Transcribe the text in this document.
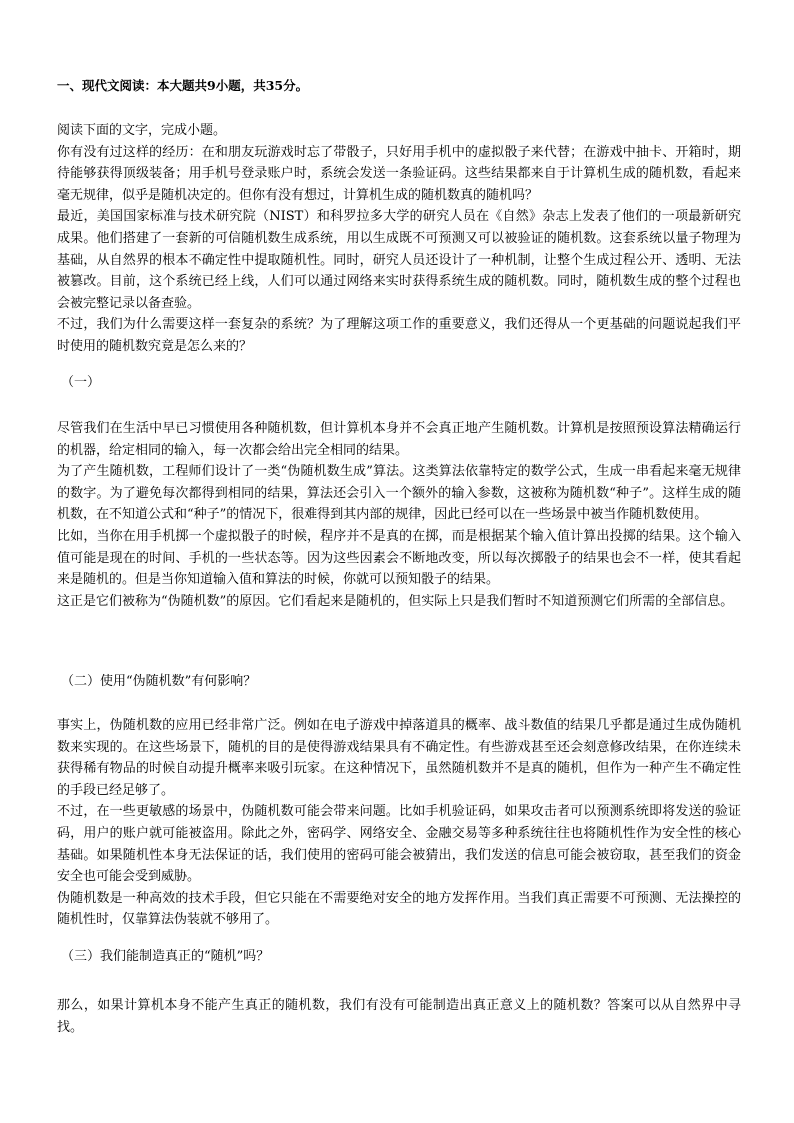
一、现代文阅读：本大题共9小题，共35分。

阅读下面的文字，完成小题。

你有没有过这样的经历：在和朋友玩游戏时忘了带骰子，只好用手机中的虚拟骰子来代替；在游戏中抽卡、开箱时，期待能够获得顶级装备；用手机号登录账户时，系统会发送一条验证码。这些结果都来自于计算机生成的随机数，看起来毫无规律，似乎是随机决定的。但你有没有想过，计算机生成的随机数真的随机吗？

最近，美国国家标准与技术研究院（NIST）和科罗拉多大学的研究人员在《自然》杂志上发表了他们的一项最新研究成果。他们搭建了一套新的可信随机数生成系统，用以生成既不可预测又可以被验证的随机数。这套系统以量子物理为基础，从自然界的根本不确定性中提取随机性。同时，研究人员还设计了一种机制，让整个生成过程公开、透明、无法被篡改。目前，这个系统已经上线，人们可以通过网络来实时获得系统生成的随机数。同时，随机数生成的整个过程也会被完整记录以备查验。

不过，我们为什么需要这样一套复杂的系统？为了理解这项工作的重要意义，我们还得从一个更基础的问题说起我们平时使用的随机数究竟是怎么来的？

（一）

尽管我们在生活中早已习惯使用各种随机数，但计算机本身并不会真正地产生随机数。计算机是按照预设算法精确运行的机器，给定相同的输入，每一次都会给出完全相同的结果。

为了产生随机数，工程师们设计了一类“伪随机数生成”算法。这类算法依靠特定的数学公式，生成一串看起来毫无规律的数字。为了避免每次都得到相同的结果，算法还会引入一个额外的输入参数，这被称为随机数“种子”。这样生成的随机数，在不知道公式和“种子”的情况下，很难得到其内部的规律，因此已经可以在一些场景中被当作随机数使用。

比如，当你在用手机掷一个虚拟骰子的时候，程序并不是真的在掷，而是根据某个输入值计算出投掷的结果。这个输入值可能是现在的时间、手机的一些状态等。因为这些因素会不断地改变，所以每次掷骰子的结果也会不一样，使其看起来是随机的。但是当你知道输入值和算法的时候，你就可以预知骰子的结果。

这正是它们被称为“伪随机数”的原因。它们看起来是随机的，但实际上只是我们暂时不知道预测它们所需的全部信息。

（二）使用“伪随机数”有何影响？

事实上，伪随机数的应用已经非常广泛。例如在电子游戏中掉落道具的概率、战斗数值的结果几乎都是通过生成伪随机数来实现的。在这些场景下，随机的目的是使得游戏结果具有不确定性。有些游戏甚至还会刻意修改结果，在你连续未获得稀有物品的时候自动提升概率来吸引玩家。在这种情况下，虽然随机数并不是真的随机，但作为一种产生不确定性的手段已经足够了。

不过，在一些更敏感的场景中，伪随机数可能会带来问题。比如手机验证码，如果攻击者可以预测系统即将发送的验证码，用户的账户就可能被盗用。除此之外，密码学、网络安全、金融交易等多种系统往往也将随机性作为安全性的核心基础。如果随机性本身无法保证的话，我们使用的密码可能会被猜出，我们发送的信息可能会被窃取，甚至我们的资金安全也可能会受到威胁。

伪随机数是一种高效的技术手段，但它只能在不需要绝对安全的地方发挥作用。当我们真正需要不可预测、无法操控的随机性时，仅靠算法伪装就不够用了。

（三）我们能制造真正的“随机”吗？

那么，如果计算机本身不能产生真正的随机数，我们有没有可能制造出真正意义上的随机数？答案可以从自然界中寻找。
